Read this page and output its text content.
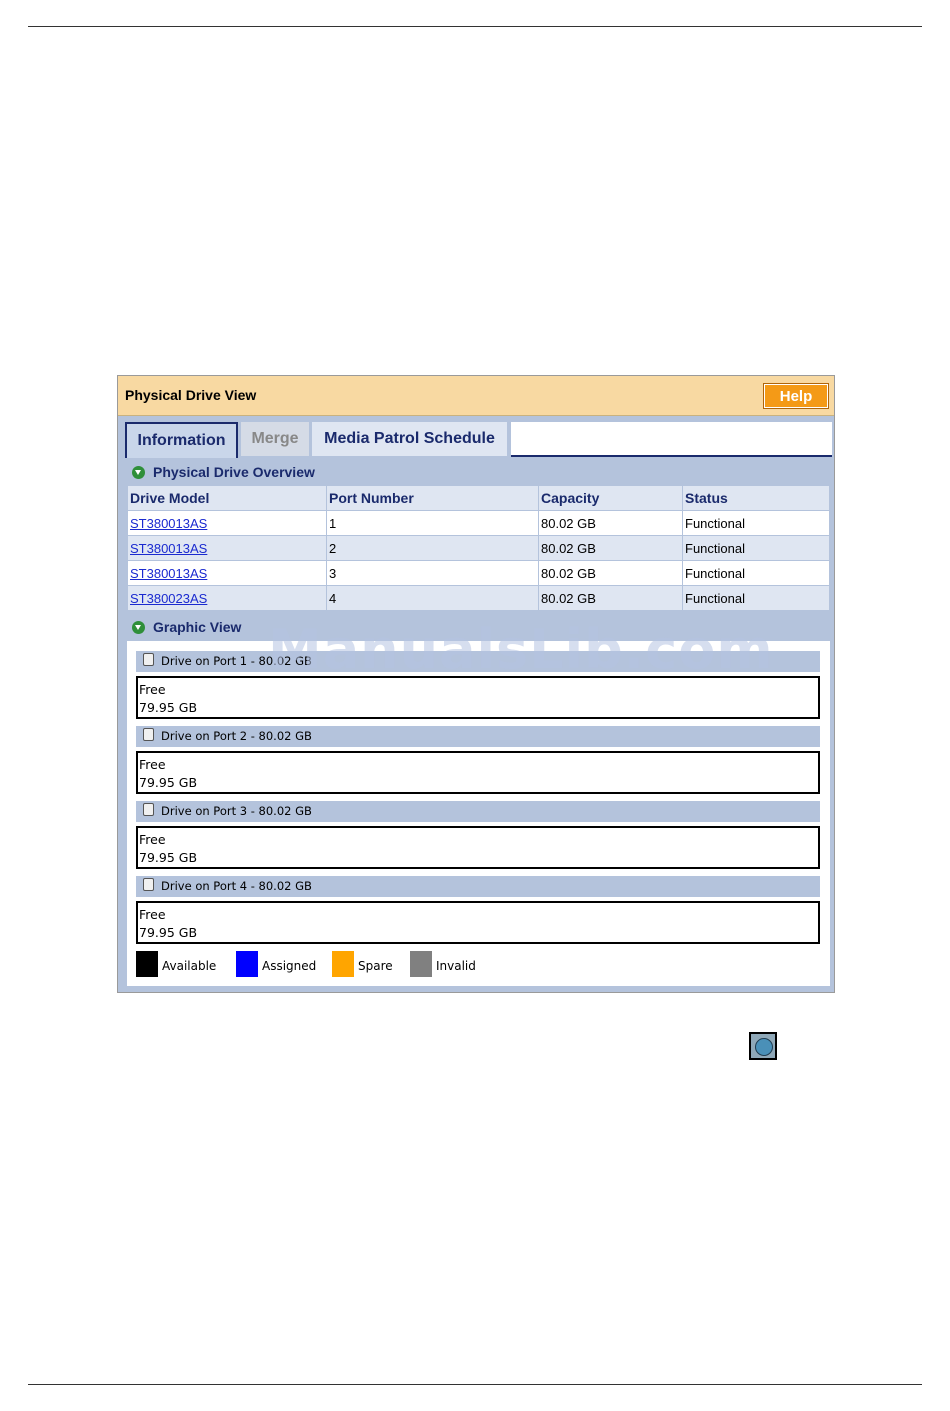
Physical Drive View	Help
Information	Merge	Media Patrol Schedule
Physical Drive Overview
Drive Model	Port Number	Capacity	Status
ST380013AS	1	80.02 GB	Functional
ST380013AS	2	80.02 GB	Functional
ST380013AS	3	80.02 GB	Functional
ST380023AS	4	80.02 GB	Functional
Graphic View
Drive on Port 1 - 80.02 GB
Free
79.95 GB
Drive on Port 2 - 80.02 GB
Free
79.95 GB
Drive on Port 3 - 80.02 GB
Free
79.95 GB
Drive on Port 4 - 80.02 GB
Free
79.95 GB
Available	Assigned	Spare	Invalid
ManualsLib.com
